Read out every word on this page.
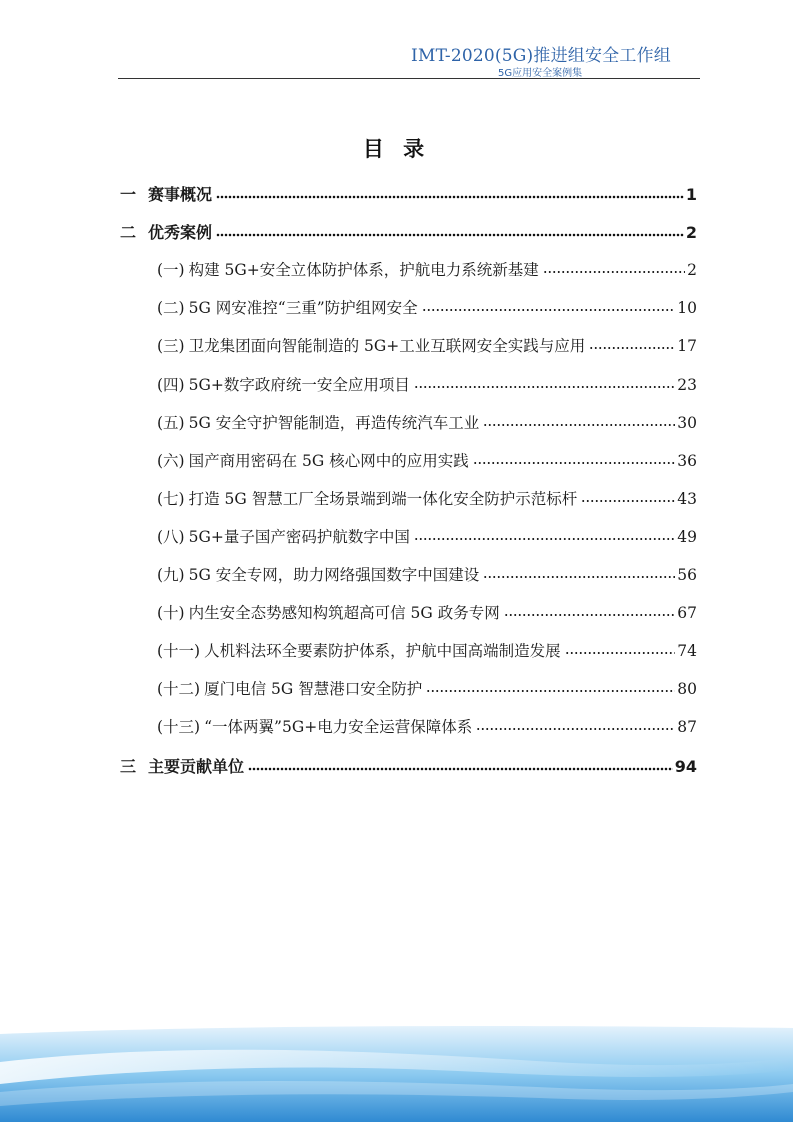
IMT-2020(5G)推进组安全工作组
5G应用安全案例集
目 录
一 赛事概况	1
二 优秀案例	2
(一) 构建 5G+安全立体防护体系，护航电力系统新基建	2
(二) 5G 网安准控“三重”防护组网安全	10
(三) 卫龙集团面向智能制造的 5G+工业互联网安全实践与应用	17
(四) 5G+数字政府统一安全应用项目	23
(五) 5G 安全守护智能制造，再造传统汽车工业	30
(六) 国产商用密码在 5G 核心网中的应用实践	36
(七) 打造 5G 智慧工厂全场景端到端一体化安全防护示范标杆	43
(八) 5G+量子国产密码护航数字中国	49
(九) 5G 安全专网，助力网络强国数字中国建设	56
(十) 内生安全态势感知构筑超高可信 5G 政务专网	67
(十一) 人机料法环全要素防护体系，护航中国高端制造发展	74
(十二) 厦门电信 5G 智慧港口安全防护	80
(十三) “一体两翼”5G+电力安全运营保障体系	87
三 主要贡献单位	94
